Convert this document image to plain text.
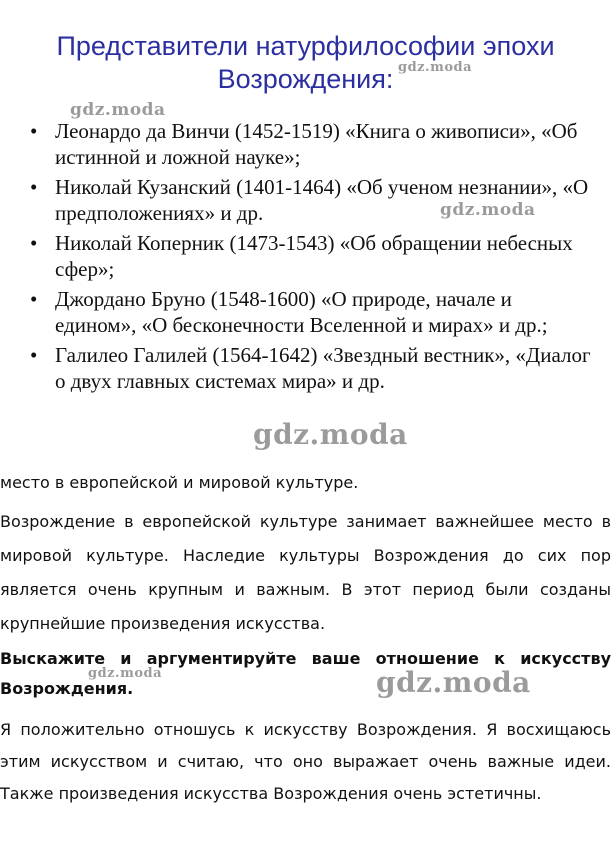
Представители натурфилософии эпохи Возрождения:
• Леонардо да Винчи (1452-1519) «Книга о живописи», «Об истинной и ложной науке»;
• Николай Кузанский (1401-1464) «Об ученом незнании», «О предположениях» и др.
• Николай Коперник (1473-1543) «Об обращении небесных сфер»;
• Джордано Бруно (1548-1600) «О природе, начале и едином», «О бесконечности Вселенной и мирах» и др.;
• Галилео Галилей (1564-1642) «Звездный вестник», «Диалог о двух главных системах мира» и др.
gdz.moda
gdz.moda
gdz.moda
gdz.moda
gdz.moda	gdz.moda

место в европейской и мировой культуре.

Возрождение в европейской культуре занимает важнейшее место в мировой культуре. Наследие культуры Возрождения до сих пор является очень крупным и важным. В этот период были созданы крупнейшие произведения искусства.

Выскажите и аргументируйте ваше отношение к искусству Возрождения.

Я положительно отношусь к искусству Возрождения. Я восхищаюсь этим искусством и считаю, что оно выражает очень важные идеи. Также произведения искусства Возрождения очень эстетичны.
